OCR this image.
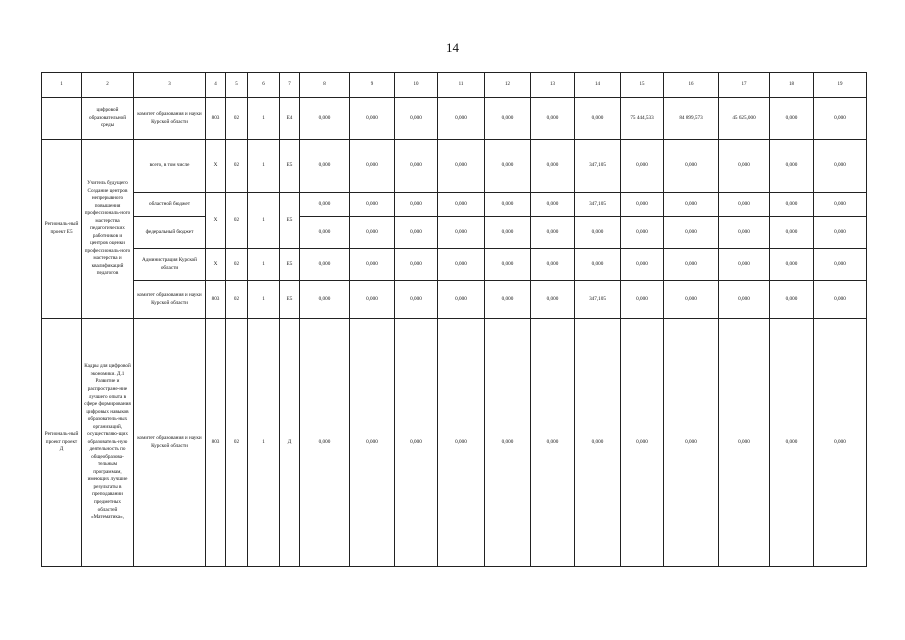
14
1	2	3	4	5	6	7	8	9	10	11	12	13	14	15	16	17	18	19
	цифровой образовательной среды	комитет образования и науки Курской области	803	02	1	E4	0,000	0,000	0,000	0,000	0,000	0,000	0,000	75 444,533	84 899,573	45 625,000	0,000	0,000
Региональ-ный проект E5	Учитель будущего Создание центров непрерывного повышения профессиональ-ного мастерства педагогических работников и центров оценки профессиональ-ного мастерства и квалификаций педагогов	всего, в том числе	X	02	1	E5	0,000	0,000	0,000	0,000	0,000	0,000	347,105	0,000	0,000	0,000	0,000	0,000
		областной бюджет	X	02	1	E5	0,000	0,000	0,000	0,000	0,000	0,000	347,105	0,000	0,000	0,000	0,000	0,000
		федеральный бюджет					0,000	0,000	0,000	0,000	0,000	0,000	0,000	0,000	0,000	0,000	0,000	0,000
		Администрация Курской области	X	02	1	E5	0,000	0,000	0,000	0,000	0,000	0,000	0,000	0,000	0,000	0,000	0,000	0,000
		комитет образования и науки Курской области	803	02	1	E5	0,000	0,000	0,000	0,000	0,000	0,000	347,105	0,000	0,000	0,000	0,000	0,000
Региональ-ный проект проект Д	Кадры для цифровой экономики. Д.1 Развитие и распростране-ние лучшего опыта в сфере формирования цифровых навыков образователь-ных организаций, осуществляю-щих образователь-ную деятельность по общеобразова-тельным программам, имеющих лучшие результаты в преподавании предметных областей «Математика»,	комитет образования и науки Курской области	803	02	1	Д	0,000	0,000	0,000	0,000	0,000	0,000	0,000	0,000	0,000	0,000	0,000	0,000
